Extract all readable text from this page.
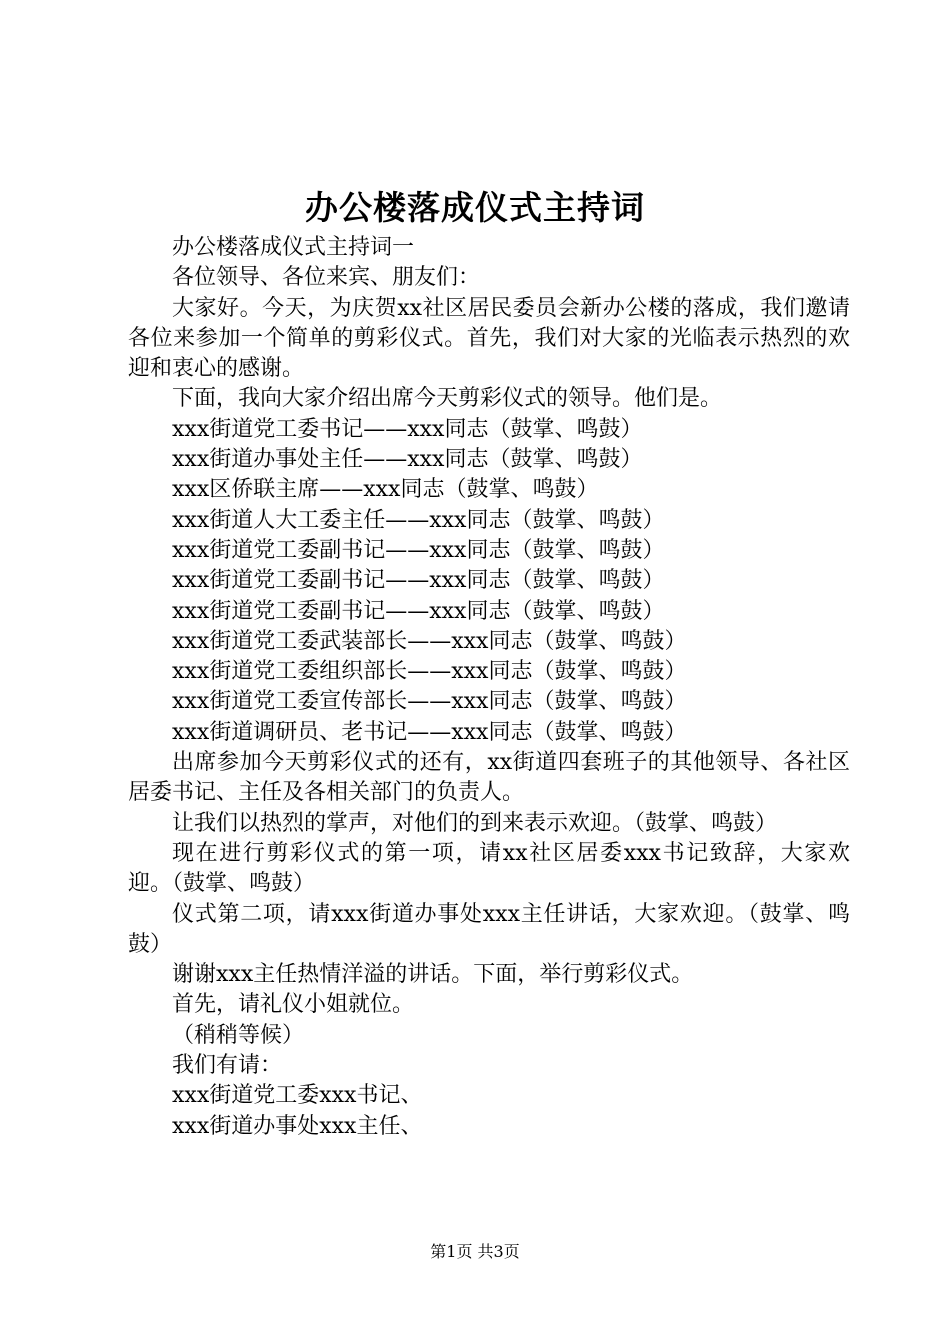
办公楼落成仪式主持词

办公楼落成仪式主持词一

各位领导、各位来宾、朋友们：

大家好。今天，为庆贺xx社区居民委员会新办公楼的落成，我们邀请各位来参加一个简单的剪彩仪式。首先，我们对大家的光临表示热烈的欢迎和衷心的感谢。

下面，我向大家介绍出席今天剪彩仪式的领导。他们是。

xxx街道党工委书记——xxx同志（鼓掌、鸣鼓）

xxx街道办事处主任——xxx同志（鼓掌、鸣鼓）

xxx区侨联主席——xxx同志（鼓掌、鸣鼓）

xxx街道人大工委主任——xxx同志（鼓掌、鸣鼓）

xxx街道党工委副书记——xxx同志（鼓掌、鸣鼓）

xxx街道党工委副书记——xxx同志（鼓掌、鸣鼓）

xxx街道党工委副书记——xxx同志（鼓掌、鸣鼓）

xxx街道党工委武装部长——xxx同志（鼓掌、鸣鼓）

xxx街道党工委组织部长——xxx同志（鼓掌、鸣鼓）

xxx街道党工委宣传部长——xxx同志（鼓掌、鸣鼓）

xxx街道调研员、老书记——xxx同志（鼓掌、鸣鼓）

出席参加今天剪彩仪式的还有，xx街道四套班子的其他领导、各社区居委书记、主任及各相关部门的负责人。

让我们以热烈的掌声，对他们的到来表示欢迎。（鼓掌、鸣鼓）

现在进行剪彩仪式的第一项，请xx社区居委xxx书记致辞，大家欢迎。（鼓掌、鸣鼓）

仪式第二项，请xxx街道办事处xxx主任讲话，大家欢迎。（鼓掌、鸣鼓）

谢谢xxx主任热情洋溢的讲话。下面，举行剪彩仪式。

首先，请礼仪小姐就位。

（稍稍等候）

我们有请：

xxx街道党工委xxx书记、

xxx街道办事处xxx主任、

第1页 共3页
